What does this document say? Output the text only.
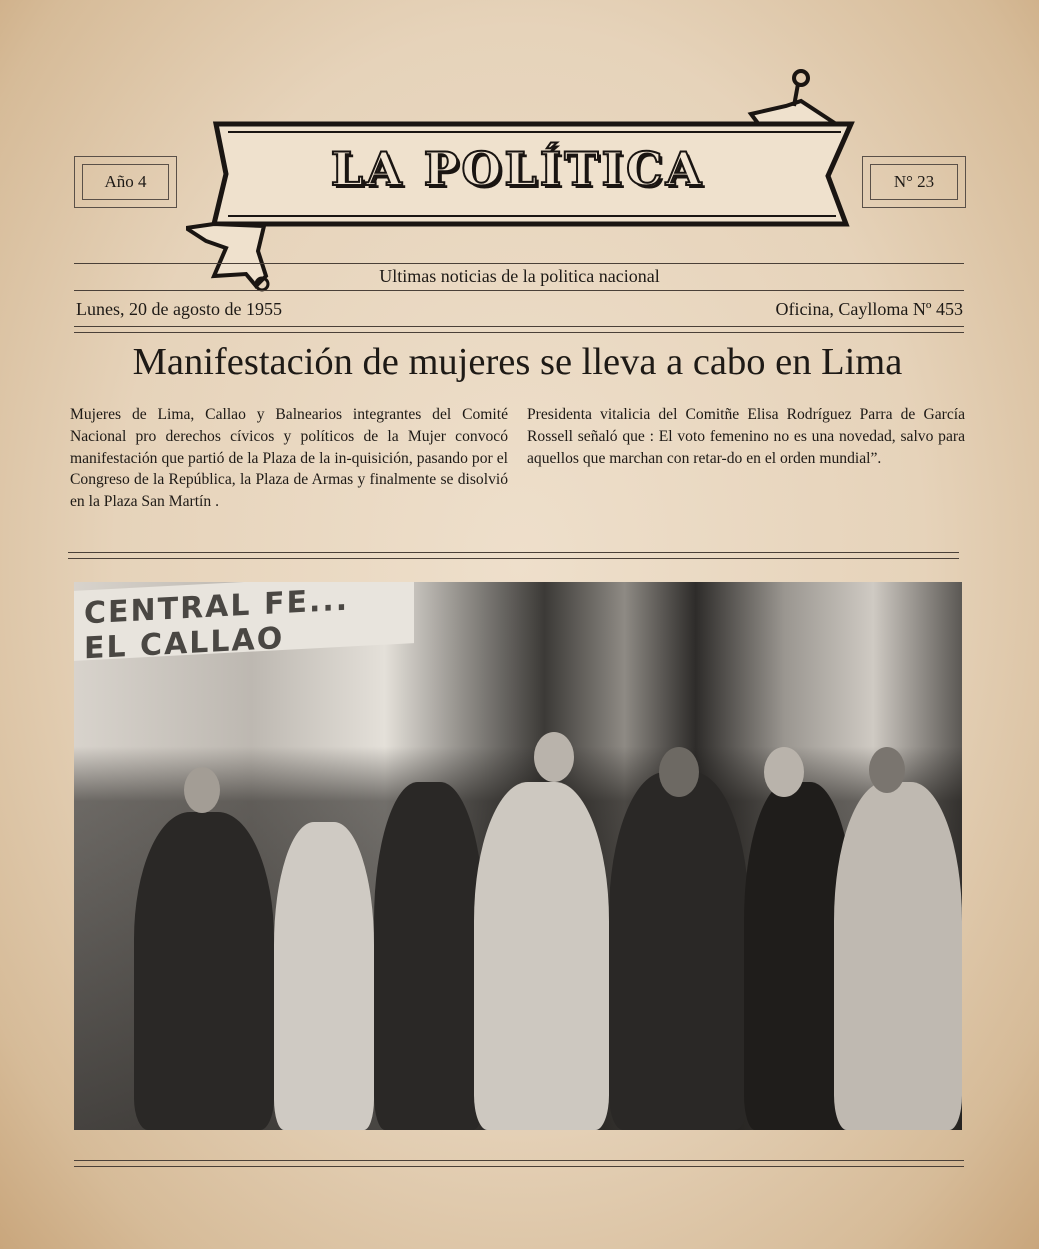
LA POLÍTICA
Año 4	N° 23
Ultimas noticias de la politica nacional
Lunes, 20 de agosto de 1955	Oficina, Caylloma Nº 453
Manifestación de mujeres se lleva a cabo en Lima
Mujeres de Lima, Callao y Balnearios integrantes del Comité Nacional pro derechos cívicos y políticos de la Mujer convocó manifestación que partió de la Plaza de la in-quisición, pasando por el Congreso de la República, la Plaza de Armas y finalmente se disolvió en la Plaza San Martín .
Presidenta vitalicia del Comitñe Elisa Rodríguez Parra de García Rossell señaló que : El voto femenino no es una novedad, salvo para aquellos que marchan con retar-do en el orden mundial”.
CENTRAL FE... EL CALLAO
